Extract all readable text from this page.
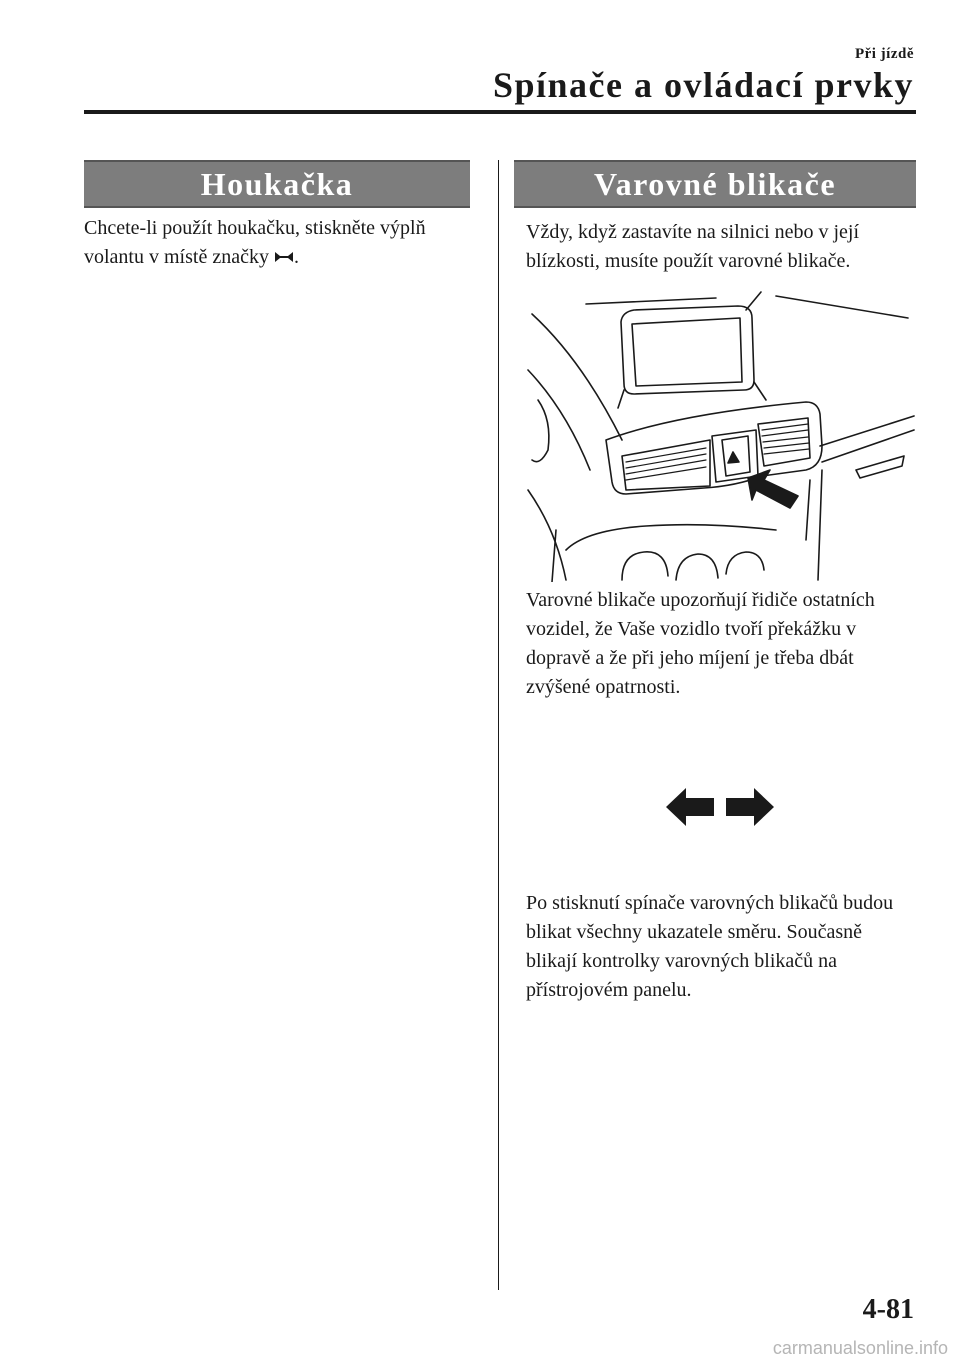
Při jízdě
Spínače a ovládací prvky
Houkačka
Chcete-li použít houkačku, stiskněte výplň volantu v místě značky .
Varovné blikače
Vždy, když zastavíte na silnici nebo v její blízkosti, musíte použít varovné blikače.
Varovné blikače upozorňují řidiče ostatních vozidel, že Vaše vozidlo tvoří překážku v dopravě a že při jeho míjení je třeba dbát zvýšené opatrnosti.
Po stisknutí spínače varovných blikačů budou blikat všechny ukazatele směru. Současně blikají kontrolky varovných blikačů na přístrojovém panelu.
4-81
carmanualsonline.info
